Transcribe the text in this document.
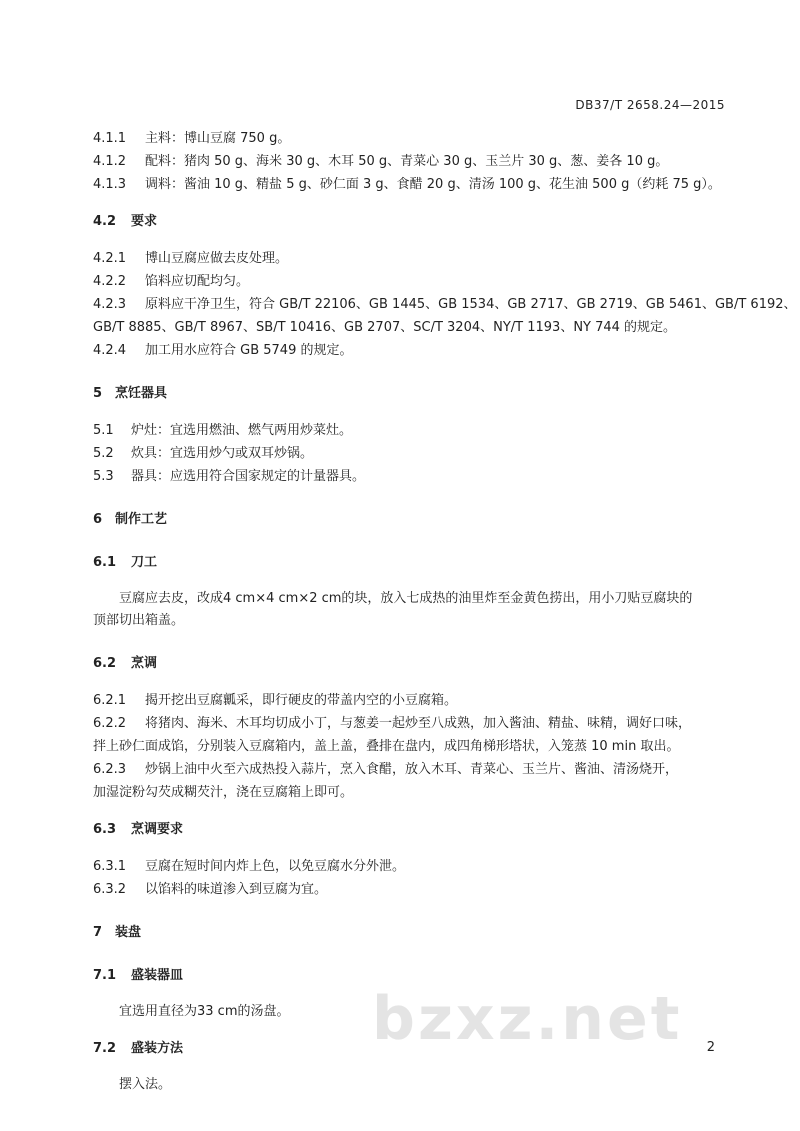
DB37/T 2658.24—2015
4.1.1 主料：博山豆腐 750 g。
4.1.2 配料：猪肉 50 g、海米 30 g、木耳 50 g、青菜心 30 g、玉兰片 30 g、葱、姜各 10 g。
4.1.3 调料：酱油 10 g、精盐 5 g、砂仁面 3 g、食醋 20 g、清汤 100 g、花生油 500 g（约耗 75 g）。
4.2 要求
4.2.1 博山豆腐应做去皮处理。
4.2.2 馅料应切配均匀。
4.2.3 原料应干净卫生，符合 GB/T 22106、GB 1445、GB 1534、GB 2717、GB 2719、GB 5461、GB/T 6192、
GB/T 8885、GB/T 8967、SB/T 10416、GB 2707、SC/T 3204、NY/T 1193、NY 744 的规定。
4.2.4 加工用水应符合 GB 5749 的规定。
5 烹饪器具
5.1 炉灶：宜选用燃油、燃气两用炒菜灶。
5.2 炊具：宜选用炒勺或双耳炒锅。
5.3 器具：应选用符合国家规定的计量器具。
6 制作工艺
6.1 刀工
豆腐应去皮，改成4 cm×4 cm×2 cm的块，放入七成热的油里炸至金黄色捞出，用小刀贴豆腐块的
顶部切出箱盖。
6.2 烹调
6.2.1 揭开挖出豆腐瓤采，即行硬皮的带盖内空的小豆腐箱。
6.2.2 将猪肉、海米、木耳均切成小丁，与葱姜一起炒至八成熟，加入酱油、精盐、味精，调好口味，
拌上砂仁面成馅，分别装入豆腐箱内，盖上盖，叠排在盘内，成四角梯形塔状，入笼蒸 10 min 取出。
6.2.3 炒锅上油中火至六成热投入蒜片，烹入食醋，放入木耳、青菜心、玉兰片、酱油、清汤烧开，
加湿淀粉勾芡成糊芡汁，浇在豆腐箱上即可。
6.3 烹调要求
6.3.1 豆腐在短时间内炸上色，以免豆腐水分外泄。
6.3.2 以馅料的味道渗入到豆腐为宜。
7 装盘
7.1 盛装器皿
宜选用直径为33 cm的汤盘。
7.2 盛装方法
摆入法。
bzxz.net 2
